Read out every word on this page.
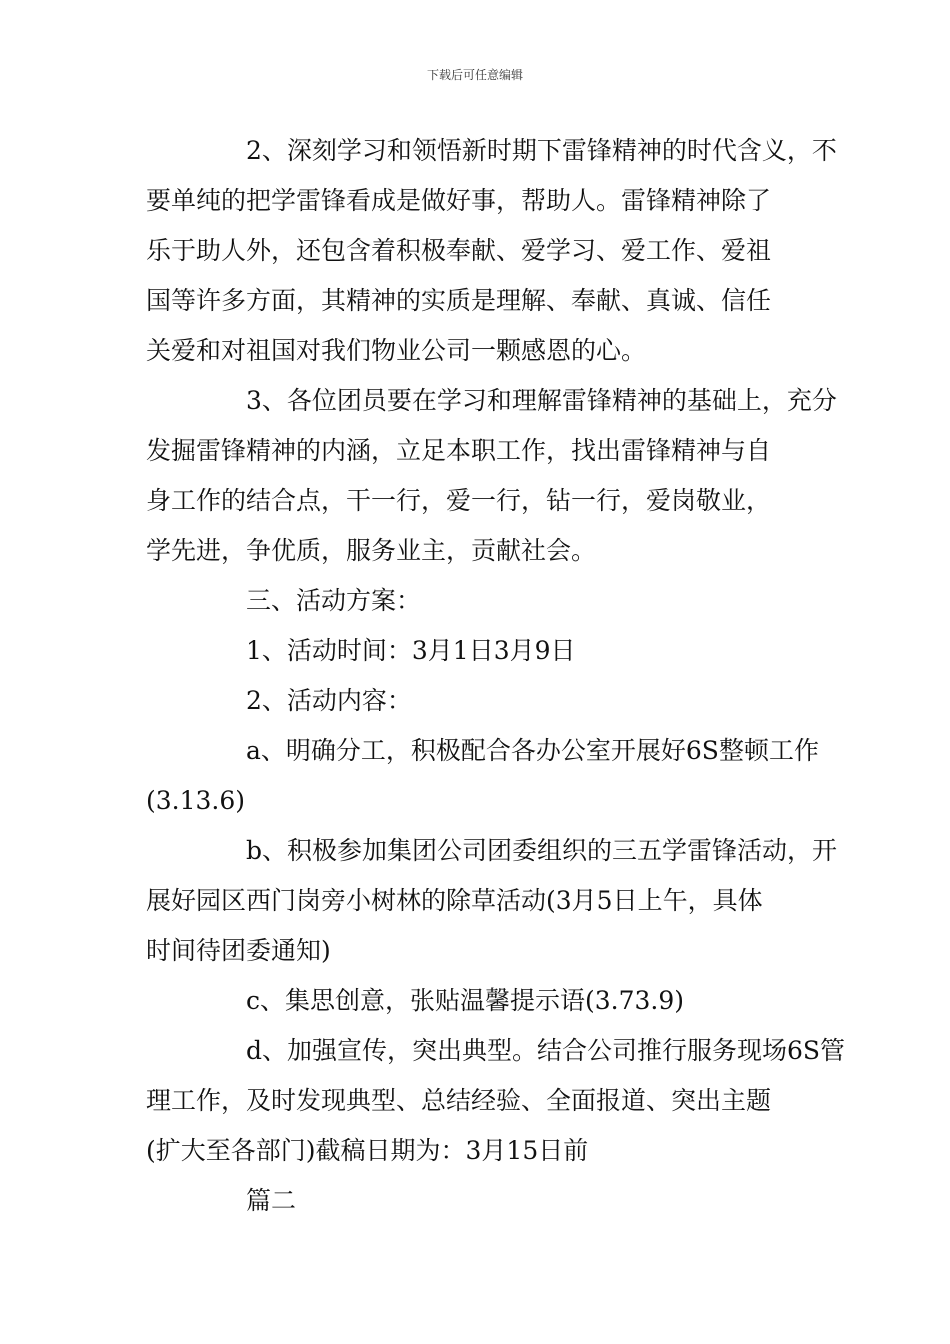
下载后可任意编辑
2、深刻学习和领悟新时期下雷锋精神的时代含义，不
要单纯的把学雷锋看成是做好事，帮助人。雷锋精神除了
乐于助人外，还包含着积极奉献、爱学习、爱工作、爱祖
国等许多方面，其精神的实质是理解、奉献、真诚、信任
关爱和对祖国对我们物业公司一颗感恩的心。
3、各位团员要在学习和理解雷锋精神的基础上，充分
发掘雷锋精神的内涵，立足本职工作，找出雷锋精神与自
身工作的结合点，干一行，爱一行，钻一行，爱岗敬业，
学先进，争优质，服务业主，贡献社会。
三、活动方案：
1、活动时间：3月1日3月9日
2、活动内容：
a、明确分工，积极配合各办公室开展好6S整顿工作
(3.13.6)
b、积极参加集团公司团委组织的三五学雷锋活动，开
展好园区西门岗旁小树林的除草活动(3月5日上午，具体
时间待团委通知)
c、集思创意，张贴温馨提示语(3.73.9)
d、加强宣传，突出典型。结合公司推行服务现场6S管
理工作，及时发现典型、总结经验、全面报道、突出主题
(扩大至各部门)截稿日期为：3月15日前
篇二
